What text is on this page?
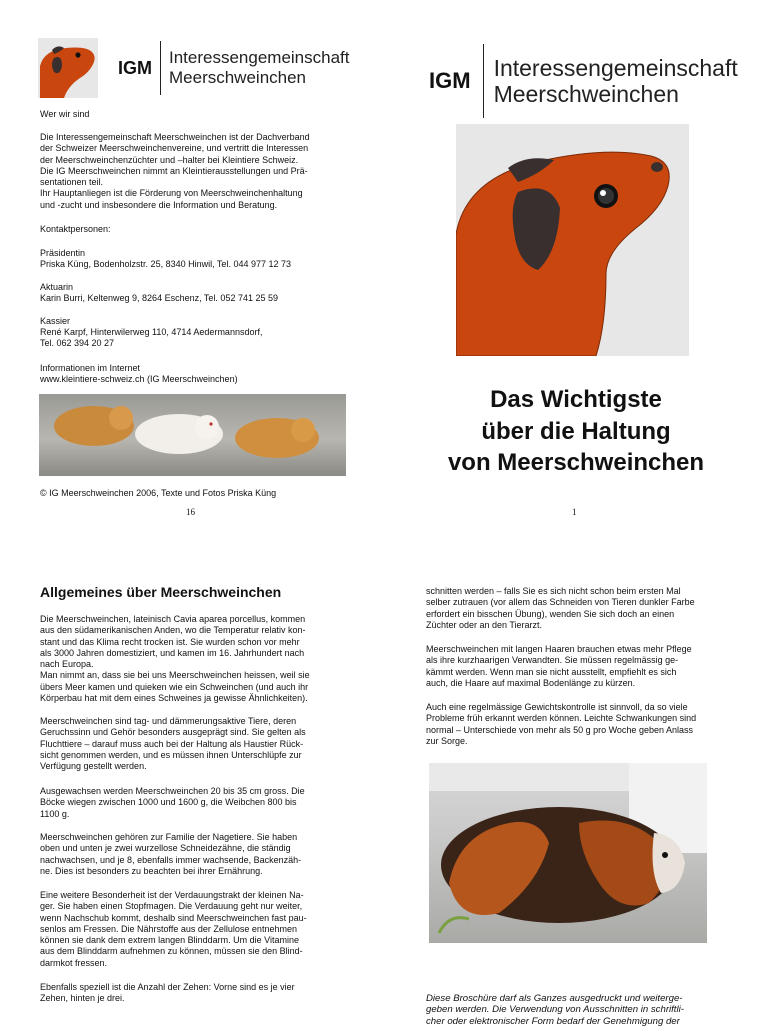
IGM Interessengemeinschaft
Meerschweinchen
Wer wir sind
Die Interessengemeinschaft Meerschweinchen ist der Dachverband
der Schweizer Meerschweinchenvereine, und vertritt die Interessen
der Meerschweinchenzüchter und –halter bei Kleintiere Schweiz.
Die IG Meerschweinchen nimmt an Kleintierausstellungen und Prä-
sentationen teil.
Ihr Hauptanliegen ist die Förderung von Meerschweinchenhaltung
und -zucht und insbesondere die Information und Beratung.
Kontaktpersonen:
Präsidentin
Priska Küng, Bodenholzstr. 25, 8340 Hinwil, Tel. 044 977 12 73
Aktuarin
Karin Burri, Keltenweg 9, 8264 Eschenz, Tel. 052 741 25 59
Kassier
René Karpf, Hinterwilerweg 110, 4714 Aedermannsdorf,
Tel. 062 394 20 27
Informationen im Internet
www.kleintiere-schweiz.ch (IG Meerschweinchen)
© IG Meerschweinchen 2006, Texte und Fotos Priska Küng
16
IGM Interessengemeinschaft
Meerschweinchen
Das Wichtigste
über die Haltung
von Meerschweinchen
1
Allgemeines über Meerschweinchen
Die Meerschweinchen, lateinisch Cavia aparea porcellus, kommen
aus den südamerikanischen Anden, wo die Temperatur relativ kon-
stant und das Klima recht trocken ist. Sie wurden schon vor mehr
als 3000 Jahren domestiziert, und kamen im 16. Jahrhundert nach
nach Europa.
Man nimmt an, dass sie bei uns Meerschweinchen heissen, weil sie
übers Meer kamen und quieken wie ein Schweinchen (und auch ihr
Körperbau hat mit dem eines Schweines ja gewisse Ähnlichkeiten).
Meerschweinchen sind tag- und dämmerungsaktive Tiere, deren
Geruchssinn und Gehör besonders ausgeprägt sind. Sie gelten als
Fluchttiere – darauf muss auch bei der Haltung als Haustier Rück-
sicht genommen werden, und es müssen ihnen Unterschlüpfe zur
Verfügung gestellt werden.
Ausgewachsen werden Meerschweinchen 20 bis 35 cm gross. Die
Böcke wiegen zwischen 1000 und 1600 g, die Weibchen 800 bis
1100 g.
Meerschweinchen gehören zur Familie der Nagetiere. Sie haben
oben und unten je zwei wurzellose Schneidezähne, die ständig
nachwachsen, und je 8, ebenfalls immer wachsende, Backenzäh-
ne. Dies ist besonders zu beachten bei ihrer Ernährung.
Eine weitere Besonderheit ist der Verdauungstrakt der kleinen Na-
ger. Sie haben einen Stopfmagen. Die Verdauung geht nur weiter,
wenn Nachschub kommt, deshalb sind Meerschweinchen fast pau-
senlos am Fressen. Die Nährstoffe aus der Zellulose entnehmen
können sie dank dem extrem langen Blinddarm. Um die Vitamine
aus dem Blinddarm aufnehmen zu können, müssen sie den Blind-
darmkot fressen.
Ebenfalls speziell ist die Anzahl der Zehen: Vorne sind es je vier
Zehen, hinten je drei.
schnitten werden – falls Sie es sich nicht schon beim ersten Mal
selber zutrauen (vor allem das Schneiden von Tieren dunkler Farbe
erfordert ein bisschen Übung), wenden Sie sich doch an einen
Züchter oder an den Tierarzt.
Meerschweinchen mit langen Haaren brauchen etwas mehr Pflege
als ihre kurzhaarigen Verwandten. Sie müssen regelmässig ge-
kämmt werden. Wenn man sie nicht ausstellt, empfiehlt es sich
auch, die Haare auf maximal Bodenlänge zu kürzen.
Auch eine regelmässige Gewichtskontrolle ist sinnvoll, da so viele
Probleme früh erkannt werden können. Leichte Schwankungen sind
normal – Unterschiede von mehr als 50 g pro Woche geben Anlass
zur Sorge.
Diese Broschüre darf als Ganzes ausgedruckt und weiterge-
geben werden. Die Verwendung von Ausschnitten in schriftli-
cher oder elektronischer Form bedarf der Genehmigung der
